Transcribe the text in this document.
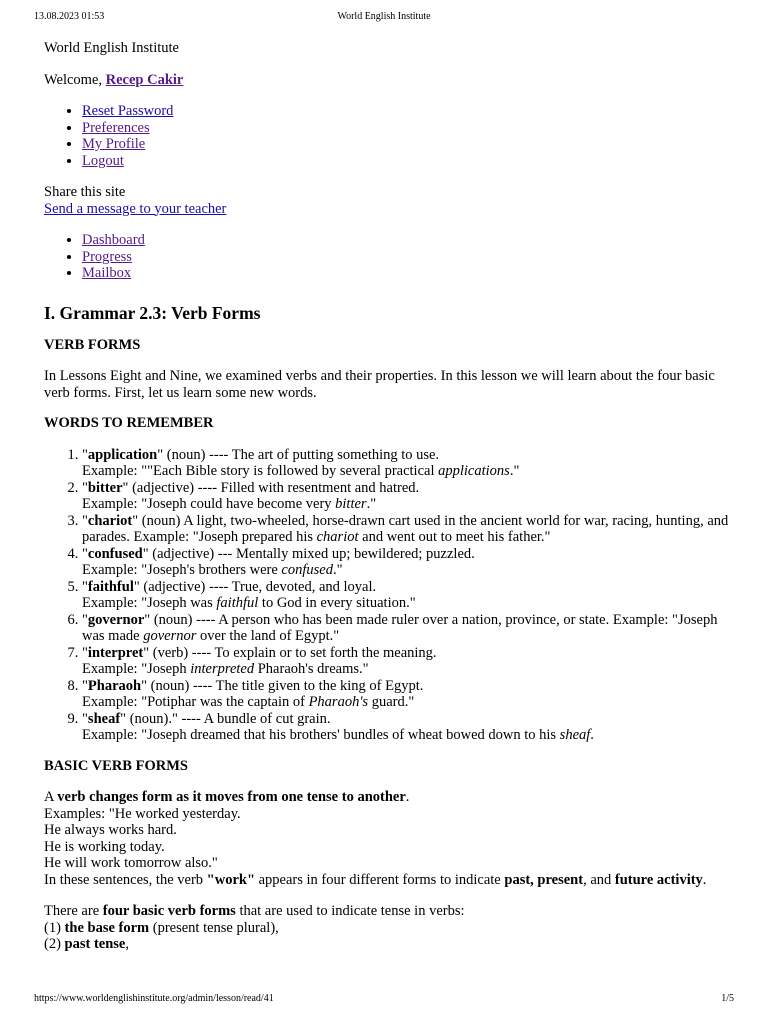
13.08.2023 01:53	World English Institute

World English Institute

Welcome, Recep Cakir

• Reset Password
• Preferences
• My Profile
• Logout

Share this site

Send a message to your teacher

• Dashboard
• Progress
• Mailbox
I. Grammar 2.3: Verb Forms
VERB FORMS

In Lessons Eight and Nine, we examined verbs and their properties. In this lesson we will learn about the four basic verb forms. First, let us learn some new words.

WORDS TO REMEMBER
1. "application" (noun) ---- The art of putting something to use.
Example: ""Each Bible story is followed by several practical applications."
2. "bitter" (adjective) ---- Filled with resentment and hatred.
Example: "Joseph could have become very bitter."
3. "chariot" (noun) A light, two-wheeled, horse-drawn cart used in the ancient world for war, racing, hunting, and parades. Example: "Joseph prepared his chariot and went out to meet his father."
4. "confused" (adjective) --- Mentally mixed up; bewildered; puzzled.
Example: "Joseph's brothers were confused."
5. "faithful" (adjective) ---- True, devoted, and loyal.
Example: "Joseph was faithful to God in every situation."
6. "governor" (noun) ---- A person who has been made ruler over a nation, province, or state. Example: "Joseph was made governor over the land of Egypt."
7. "interpret" (verb) ---- To explain or to set forth the meaning.
Example: "Joseph interpreted Pharaoh's dreams."
8. "Pharaoh" (noun) ---- The title given to the king of Egypt.
Example: "Potiphar was the captain of Pharaoh's guard."
9. "sheaf" (noun)." ---- A bundle of cut grain.
Example: "Joseph dreamed that his brothers' bundles of wheat bowed down to his sheaf.
BASIC VERB FORMS

A verb changes form as it moves from one tense to another.
Examples: "He worked yesterday.
He always works hard.
He is working today.
He will work tomorrow also."
In these sentences, the verb "work" appears in four different forms to indicate past, present, and future activity.

There are four basic verb forms that are used to indicate tense in verbs:
(1) the base form (present tense plural),
(2) past tense,

https://www.worldenglishinstitute.org/admin/lesson/read/41	1/5
